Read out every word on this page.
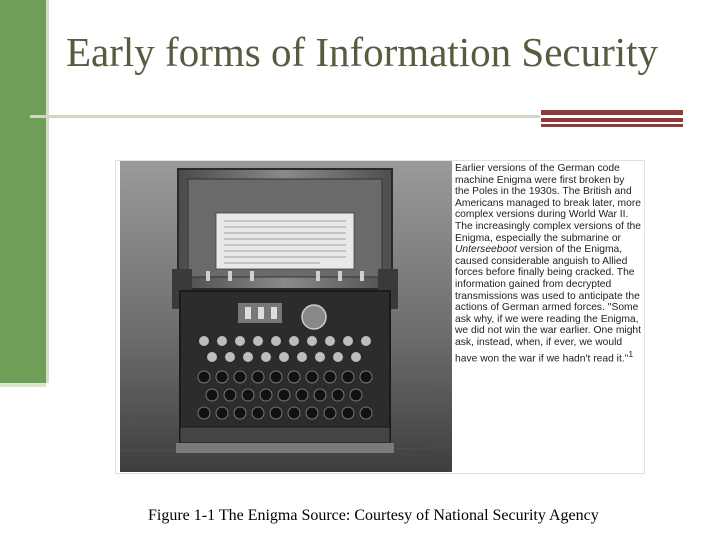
Early forms of Information Security
Earlier versions of the German code machine Enigma were first broken by the Poles in the 1930s. The British and Americans managed to break later, more complex versions during World War II. The increasingly complex versions of the Enigma, especially the submarine or Unterseeboot version of the Enigma, caused considerable anguish to Allied forces before finally being cracked. The information gained from decrypted transmissions was used to anticipate the actions of German armed forces. "Some ask why, if we were reading the Enigma, we did not win the war earlier. One might ask, instead, when, if ever, we would have won the war if we hadn't read it."$^1$
Figure 1-1 The Enigma Source: Courtesy of National Security Agency
